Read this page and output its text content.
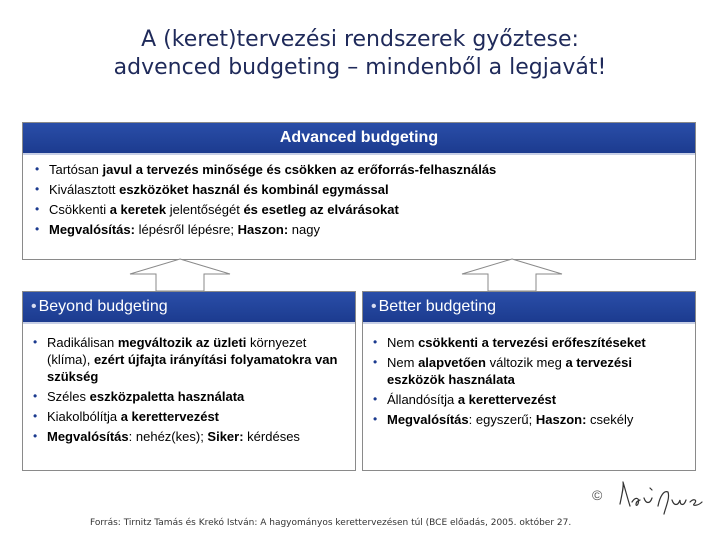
A (keret)tervezési rendszerek győztese:
advenced budgeting – mindenből a legjavát!
Advanced budgeting
• Tartósan javul a tervezés minősége és csökken az erőforrás-felhasználás
• Kiválasztott eszközöket használ és kombinál egymással
• Csökkenti a keretek jelentőségét és esetleg az elvárásokat
• Megvalósítás: lépésről lépésre; Haszon: nagy
• Beyond budgeting
• Radikálisan megváltozik az üzleti környezet (klíma), ezért újfajta irányítási folyamatokra van szükség
• Széles eszközpaletta használata
• Kiakolbólítja a kerettervezést
• Megvalósítás: nehéz(kes); Siker: kérdéses
• Better budgeting
• Nem csökkenti a tervezési erőfeszítéseket
• Nem alapvetően változik meg a tervezési eszközök használata
• Állandósítja a kerettervezést
• Megvalósítás: egyszerű; Haszon: csekély
©
Forrás: Tirnitz Tamás és Krekó István: A hagyományos kerettervezésen túl (BCE előadás, 2005. október 27.
